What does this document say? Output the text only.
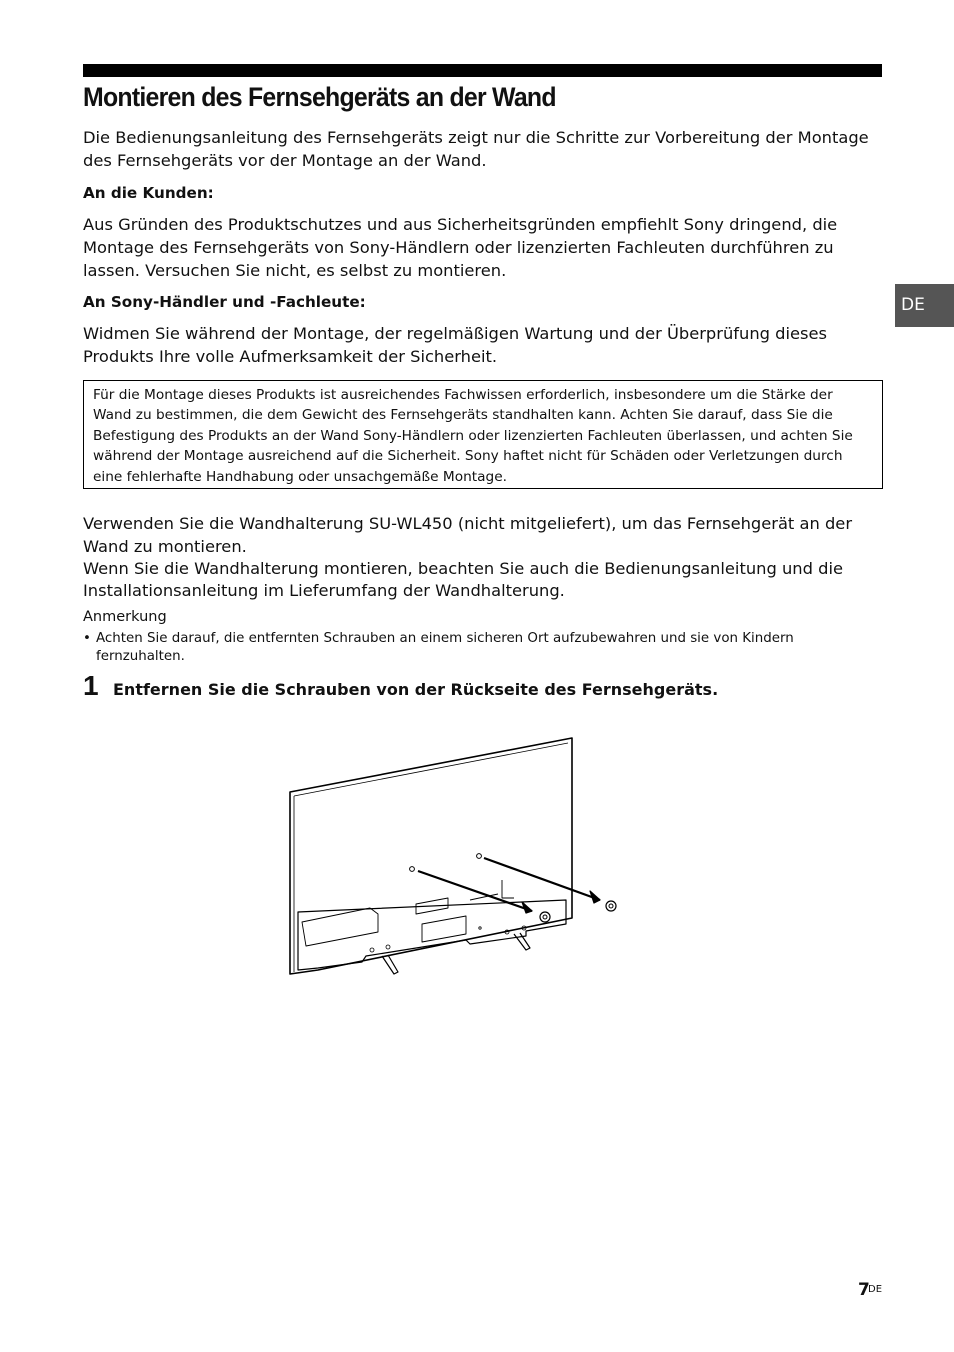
Montieren des Fernsehgeräts an der Wand

Die Bedienungsanleitung des Fernsehgeräts zeigt nur die Schritte zur Vorbereitung der Montage des Fernsehgeräts vor der Montage an der Wand.

An die Kunden:

Aus Gründen des Produktschutzes und aus Sicherheitsgründen empfiehlt Sony dringend, die Montage des Fernsehgeräts von Sony-Händlern oder lizenzierten Fachleuten durchführen zu lassen. Versuchen Sie nicht, es selbst zu montieren.

An Sony-Händler und -Fachleute:

Widmen Sie während der Montage, der regelmäßigen Wartung und der Überprüfung dieses Produkts Ihre volle Aufmerksamkeit der Sicherheit.

DE
Für die Montage dieses Produkts ist ausreichendes Fachwissen erforderlich, insbesondere um die Stärke der Wand zu bestimmen, die dem Gewicht des Fernsehgeräts standhalten kann. Achten Sie darauf, dass Sie die Befestigung des Produkts an der Wand Sony-Händlern oder lizenzierten Fachleuten überlassen, und achten Sie während der Montage ausreichend auf die Sicherheit. Sony haftet nicht für Schäden oder Verletzungen durch eine fehlerhafte Handhabung oder unsachgemäße Montage.

Verwenden Sie die Wandhalterung SU-WL450 (nicht mitgeliefert), um das Fernsehgerät an der Wand zu montieren.

Wenn Sie die Wandhalterung montieren, beachten Sie auch die Bedienungsanleitung und die Installationsanleitung im Lieferumfang der Wandhalterung.

Anmerkung

• Achten Sie darauf, die entfernten Schrauben an einem sicheren Ort aufzubewahren und sie von Kindern fernzuhalten.
1 Entfernen Sie die Schrauben von der Rückseite des Fernsehgeräts.
7
DE
